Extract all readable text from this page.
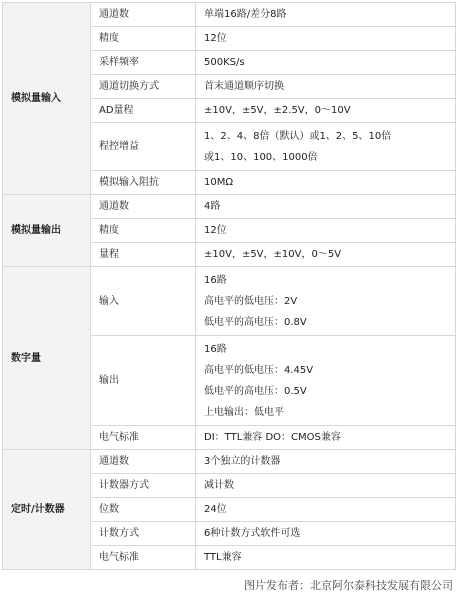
模拟量输入	通道数	单端16路/差分8路

	精度	12位

	采样频率	500KS/s

	通道切换方式	首末通道顺序切换

	AD量程	±10V，±5V，±2.5V，0～10V

	程控增益	1、2、4、8倍（默认）或1、2、5、10倍
或1、10、100、1000倍

	模拟输入阻抗	10MΩ

模拟量输出	通道数	4路

	精度	12位

	量程	±10V，±5V，±10V，0～5V

数字量	输入	16路
高电平的低电压：2V
低电平的高电压：0.8V

	输出	16路
高电平的低电压：4.45V
低电平的高电压：0.5V
上电输出：低电平

	电气标准	DI：TTL兼容 DO：CMOS兼容

定时/计数器	通道数	3个独立的计数器

	计数器方式	减计数

	位数	24位

	计数方式	6种计数方式软件可选

	电气标准	TTL兼容
图片发布者：北京阿尔泰科技发展有限公司
